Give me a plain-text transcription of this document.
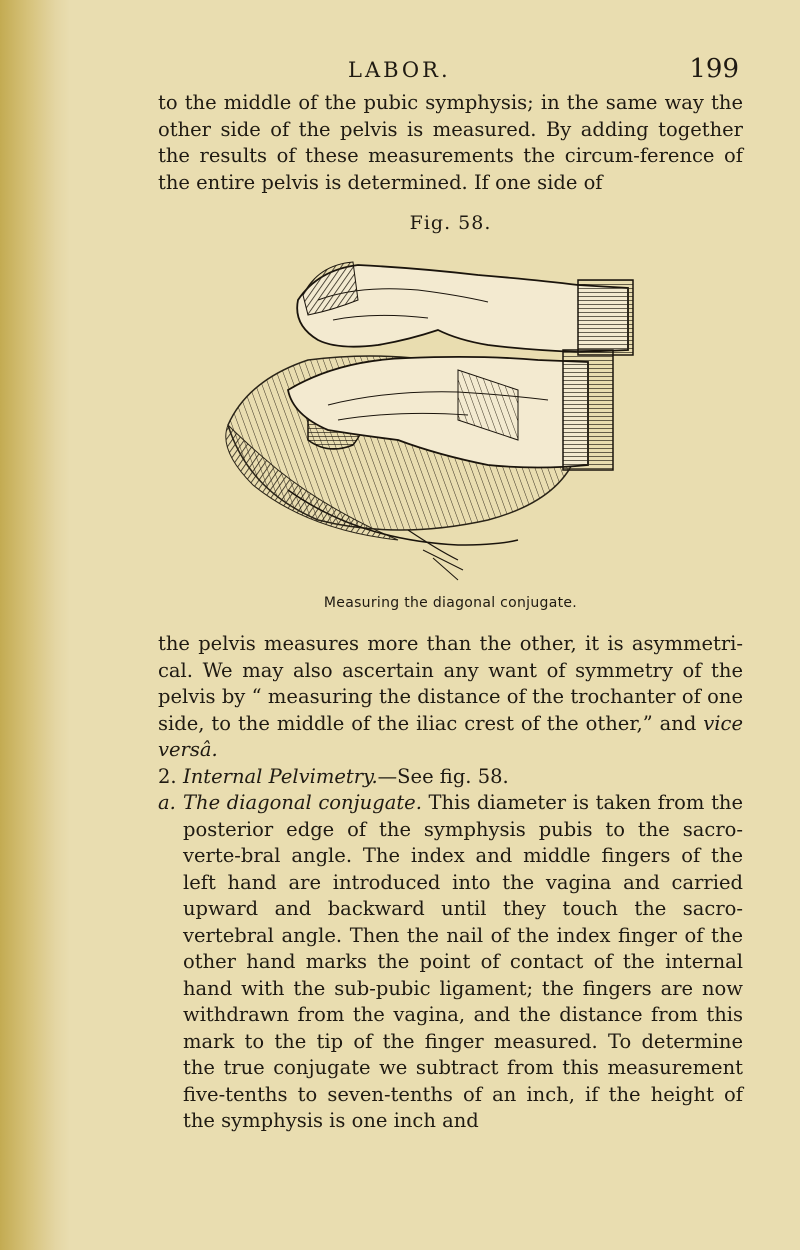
LABOR.	199

to the middle of the pubic symphysis; in the same way the other side of the pelvis is measured. By adding together the results of these measurements the circum-ference of the entire pelvis is determined. If one side of

Fig. 58.
Measuring the diagonal conjugate.

the pelvis measures more than the other, it is asymmetri-cal. We may also ascertain any want of symmetry of the pelvis by “ measuring the distance of the trochanter of one side, to the middle of the iliac crest of the other,” and vice versâ.

2. Internal Pelvimetry.—See fig. 58.

a. The diagonal conjugate. This diameter is taken from the posterior edge of the symphysis pubis to the sacro-verte-bral angle. The index and middle fingers of the left hand are introduced into the vagina and carried upward and backward until they touch the sacro-vertebral angle. Then the nail of the index finger of the other hand marks the point of contact of the internal hand with the sub-pubic ligament; the fingers are now withdrawn from the vagina, and the distance from this mark to the tip of the finger measured. To determine the true conjugate we subtract from this measurement five-tenths to seven-tenths of an inch, if the height of the symphysis is one inch and
